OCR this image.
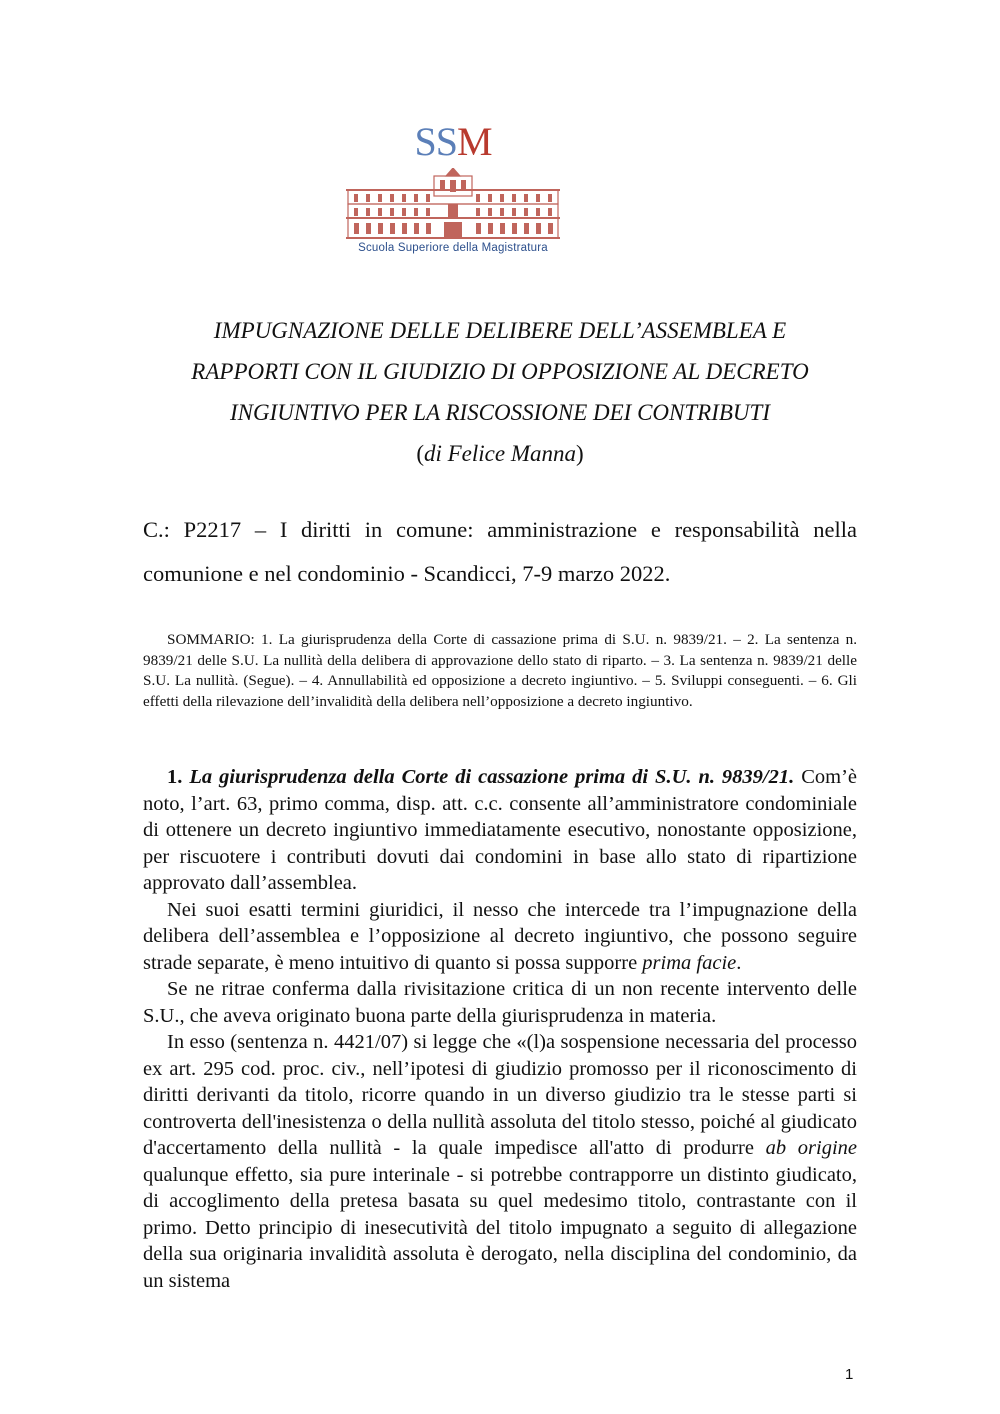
SSM
Scuola Superiore della Magistratura
IMPUGNAZIONE DELLE DELIBERE DELL’ASSEMBLEA E
RAPPORTI CON IL GIUDIZIO DI OPPOSIZIONE AL DECRETO
INGIUNTIVO PER LA RISCOSSIONE DEI CONTRIBUTI

(di Felice Manna)
C.: P2217 – I diritti in comune: amministrazione e responsabilità nella comunione e nel condominio - Scandicci, 7-9 marzo 2022.
SOMMARIO: 1. La giurisprudenza della Corte di cassazione prima di S.U. n. 9839/21. – 2. La sentenza n. 9839/21 delle S.U. La nullità della delibera di approvazione dello stato di riparto. – 3. La sentenza n. 9839/21 delle S.U. La nullità. (Segue). – 4. Annullabilità ed opposizione a decreto ingiuntivo. – 5. Sviluppi conseguenti. – 6. Gli effetti della rilevazione dell’invalidità della delibera nell’opposizione a decreto ingiuntivo.

1. La giurisprudenza della Corte di cassazione prima di S.U. n. 9839/21. Com’è noto, l’art. 63, primo comma, disp. att. c.c. consente all’amministratore condominiale di ottenere un decreto ingiuntivo immediatamente esecutivo, nonostante opposizione, per riscuotere i contributi dovuti dai condomini in base allo stato di ripartizione approvato dall’assemblea.

Nei suoi esatti termini giuridici, il nesso che intercede tra l’impugnazione della delibera dell’assemblea e l’opposizione al decreto ingiuntivo, che possono seguire strade separate, è meno intuitivo di quanto si possa supporre prima facie.

Se ne ritrae conferma dalla rivisitazione critica di un non recente intervento delle S.U., che aveva originato buona parte della giurisprudenza in materia.

In esso (sentenza n. 4421/07) si legge che «(l)a sospensione necessaria del processo ex art. 295 cod. proc. civ., nell’ipotesi di giudizio promosso per il riconoscimento di diritti derivanti da titolo, ricorre quando in un diverso giudizio tra le stesse parti si controverta dell'inesistenza o della nullità assoluta del titolo stesso, poiché al giudicato d'accertamento della nullità - la quale impedisce all'atto di produrre ab origine qualunque effetto, sia pure interinale - si potrebbe contrapporre un distinto giudicato, di accoglimento della pretesa basata su quel medesimo titolo, contrastante con il primo. Detto principio di inesecutività del titolo impugnato a seguito di allegazione della sua originaria invalidità assoluta è derogato, nella disciplina del condominio, da un sistema

1
